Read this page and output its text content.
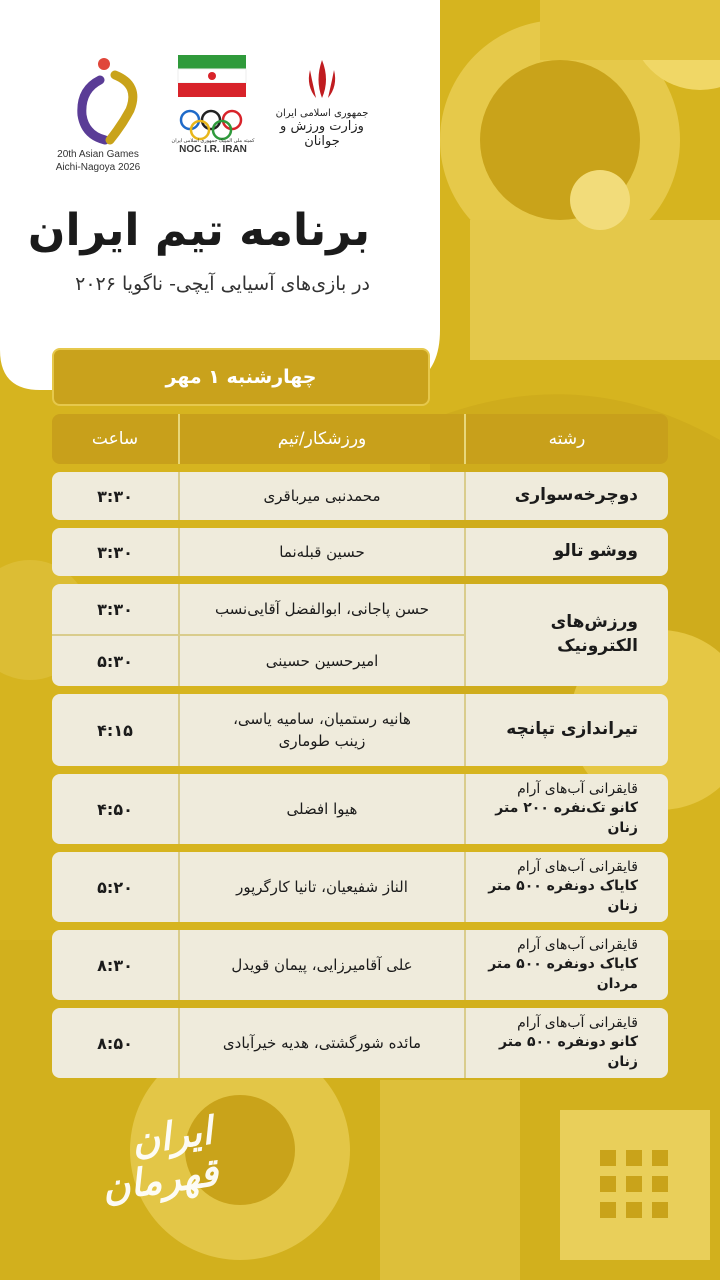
20th Asian Games
Aichi-Nagoya 2026
کمیته ملی المپیک جمهوری اسلامی ایران
NOC I.R. IRAN
جمهوری اسلامی ایران
وزارت ورزش و جوانان
برنامه تیم ایران
در بازی‌های آسیایی آیچی- ناگویا ۲۰۲۶
چهارشنبه ۱ مهر
رشته
ورزشکار/تیم
ساعت
دوچرخه‌سواری
محمدنبی میرباقری
۳:۳۰
ووشو تالو
حسین قبله‌نما
۳:۳۰
ورزش‌های الکترونیک
حسن پاجانی، ابوالفضل آقایی‌نسب
۳:۳۰
امیرحسین حسینی
۵:۳۰
تیراندازی تپانچه
هانیه رستمیان، سامیه یاسی،
زینب طوماری
۴:۱۵
قایقرانی آب‌های آرام
کانو تک‌نفره ۲۰۰ متر زنان
هیوا افضلی
۴:۵۰
قایقرانی آب‌های آرام
کایاک دونفره ۵۰۰ متر زنان
الناز شفیعیان، تانیا کارگرپور
۵:۲۰
قایقرانی آب‌های آرام
کایاک دونفره ۵۰۰ متر مردان
علی آقامیرزایی، پیمان قویدل
۸:۳۰
قایقرانی آب‌های آرام
کانو دونفره ۵۰۰ متر زنان
مائده شورگشتی، هدیه خیرآبادی
۸:۵۰
ایران قهرمان
